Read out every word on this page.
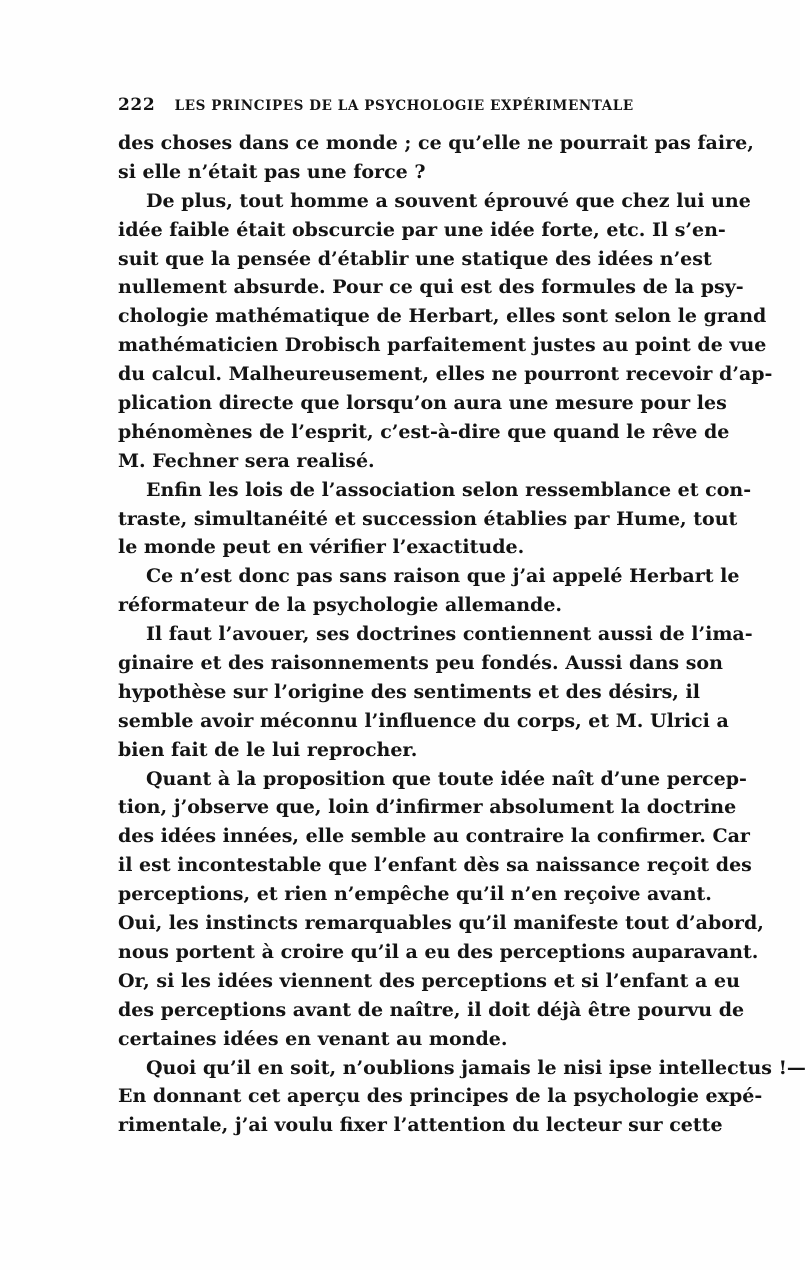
222 LES PRINCIPES DE LA PSYCHOLOGIE EXPÉRIMENTALE
des choses dans ce monde ; ce qu’elle ne pourrait pas faire,
si elle n’était pas une force ?
De plus, tout homme a souvent éprouvé que chez lui une
idée faible était obscurcie par une idée forte, etc. Il s’en-
suit que la pensée d’établir une statique des idées n’est
nullement absurde. Pour ce qui est des formules de la psy-
chologie mathématique de Herbart, elles sont selon le grand
mathématicien Drobisch parfaitement justes au point de vue
du calcul. Malheureusement, elles ne pourront recevoir d’ap-
plication directe que lorsqu’on aura une mesure pour les
phénomènes de l’esprit, c’est-à-dire que quand le rêve de
M. Fechner sera realisé.
Enfin les lois de l’association selon ressemblance et con-
traste, simultanéité et succession établies par Hume, tout
le monde peut en vérifier l’exactitude.
Ce n’est donc pas sans raison que j’ai appelé Herbart le
réformateur de la psychologie allemande.
Il faut l’avouer, ses doctrines contiennent aussi de l’ima-
ginaire et des raisonnements peu fondés. Aussi dans son
hypothèse sur l’origine des sentiments et des désirs, il
semble avoir méconnu l’influence du corps, et M. Ulrici a
bien fait de le lui reprocher.
Quant à la proposition que toute idée naît d’une percep-
tion, j’observe que, loin d’infirmer absolument la doctrine
des idées innées, elle semble au contraire la confirmer. Car
il est incontestable que l’enfant dès sa naissance reçoit des
perceptions, et rien n’empêche qu’il n’en reçoive avant.
Oui, les instincts remarquables qu’il manifeste tout d’abord,
nous portent à croire qu’il a eu des perceptions auparavant.
Or, si les idées viennent des perceptions et si l’enfant a eu
des perceptions avant de naître, il doit déjà être pourvu de
certaines idées en venant au monde.
Quoi qu’il en soit, n’oublions jamais le nisi ipse intellectus !—
En donnant cet aperçu des principes de la psychologie expé-
rimentale, j’ai voulu fixer l’attention du lecteur sur cette
